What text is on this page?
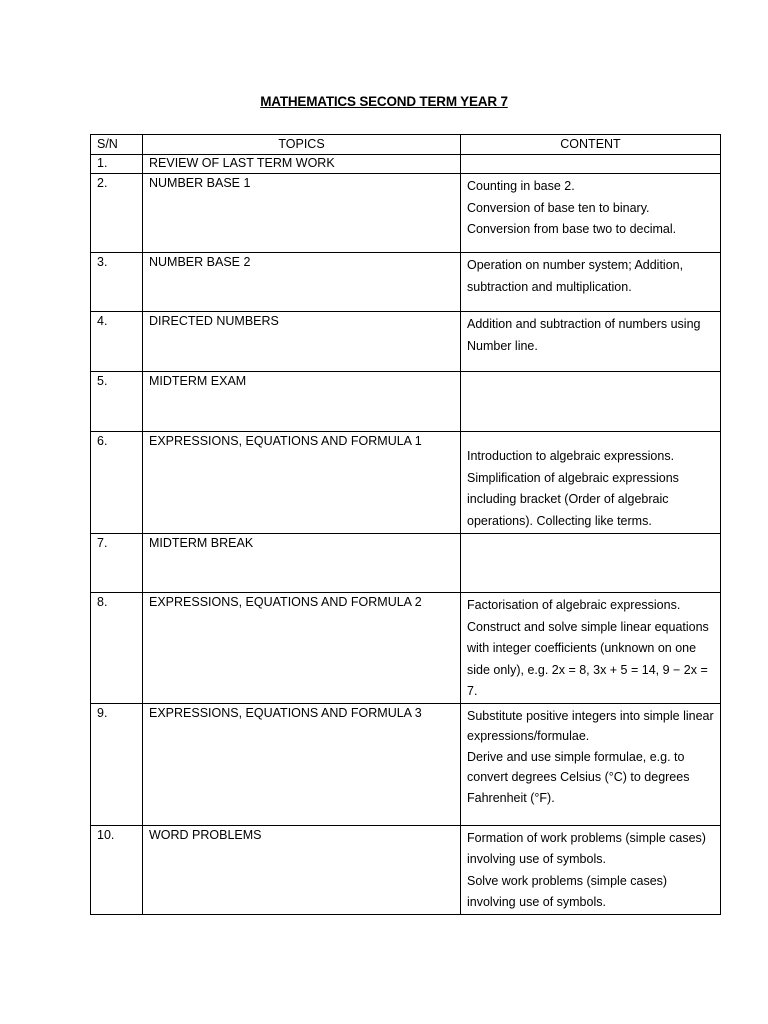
MATHEMATICS SECOND TERM YEAR 7
S/N	TOPICS	CONTENT
1.	REVIEW OF LAST TERM WORK	
2.	NUMBER BASE 1	Counting in base 2.
Conversion of base ten to binary.
Conversion from base two to decimal.

3.	NUMBER BASE 2	Operation on number system; Addition, subtraction and multiplication.

4.	DIRECTED NUMBERS	Addition and subtraction of numbers using Number line.

5.	MIDTERM EXAM	
6.	EXPRESSIONS, EQUATIONS AND FORMULA 1	Introduction to algebraic expressions.
Simplification of algebraic expressions including bracket (Order of algebraic operations). Collecting like terms.

7.	MIDTERM BREAK	
8.	EXPRESSIONS, EQUATIONS AND FORMULA 2	Factorisation of algebraic expressions.
Construct and solve simple linear equations with integer coefficients (unknown on one side only), e.g. 2x = 8, 3x + 5 = 14, 9 − 2x = 7.

9.	EXPRESSIONS, EQUATIONS AND FORMULA 3	Substitute positive integers into simple linear expressions/formulae.
Derive and use simple formulae, e.g. to convert degrees Celsius (°C) to degrees Fahrenheit (°F).

10.	WORD PROBLEMS	Formation of work problems (simple cases) involving use of symbols.
Solve work problems (simple cases) involving use of symbols.
